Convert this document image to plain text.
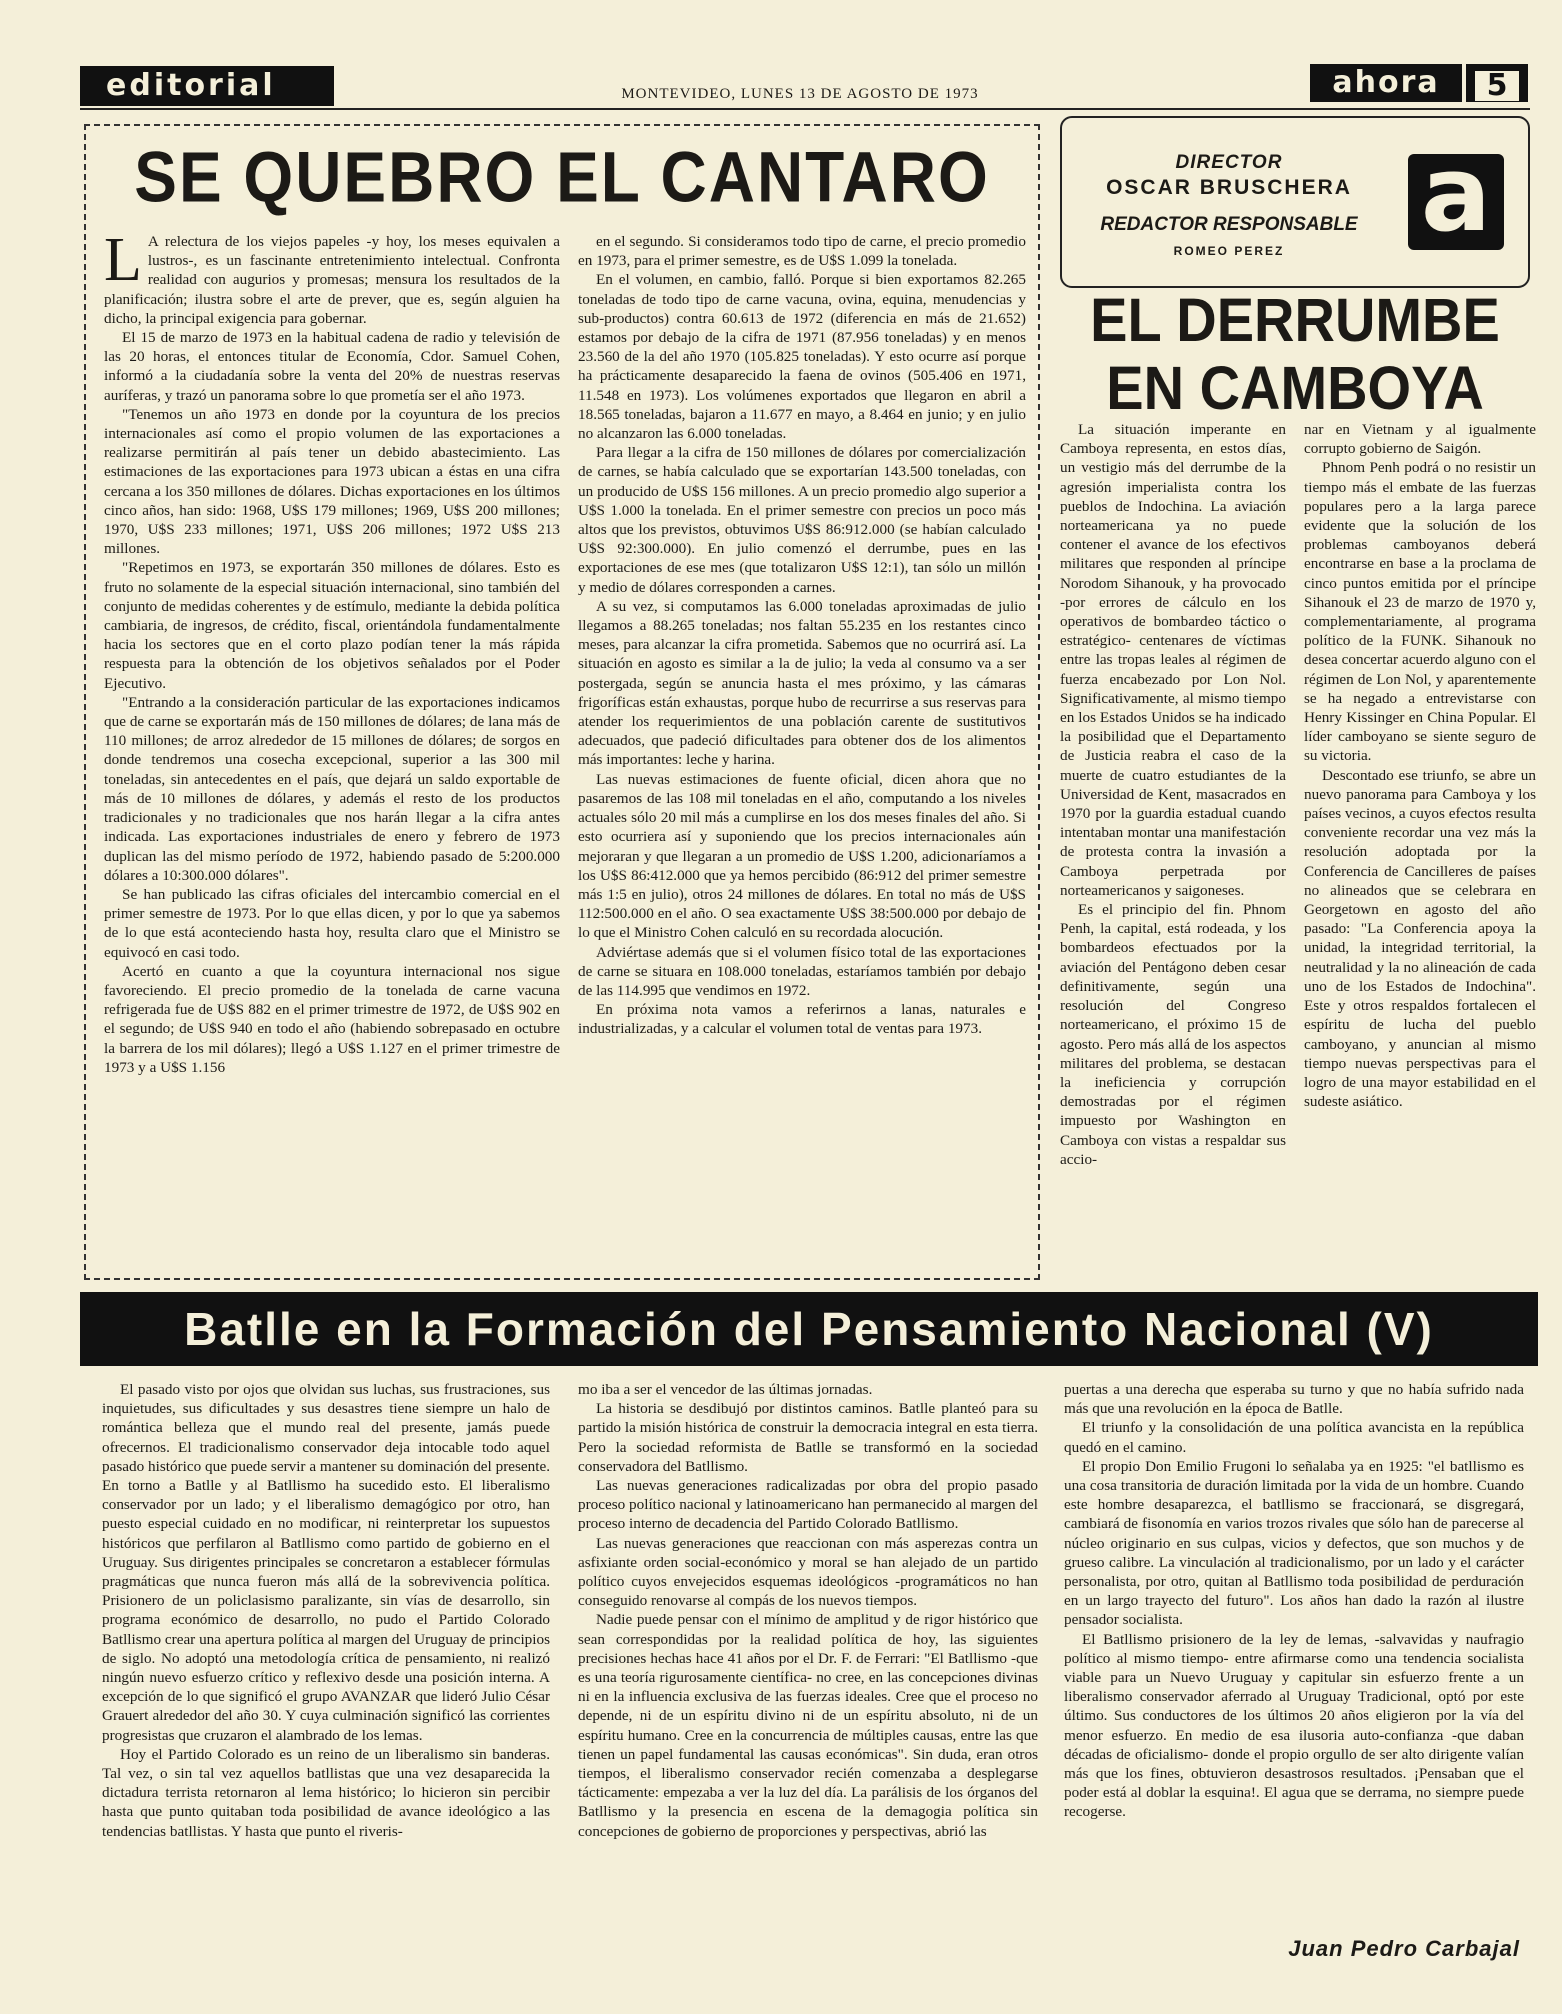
editorial	MONTEVIDEO, LUNES 13 DE AGOSTO DE 1973	ahora	5
SE QUEBRO EL CANTARO
L A relectura de los viejos papeles -y hoy, los meses equivalen a lustros-, es un fascinante entretenimiento intelectual. Confronta realidad con augurios y promesas; mensura los resultados de la planificación; ilustra sobre el arte de prever, que es, según alguien ha dicho, la principal exigencia para gobernar.

El 15 de marzo de 1973 en la habitual cadena de radio y televisión de las 20 horas, el entonces titular de Economía, Cdor. Samuel Cohen, informó a la ciudadanía sobre la venta del 20% de nuestras reservas auríferas, y trazó un panorama sobre lo que prometía ser el año 1973.

"Tenemos un año 1973 en donde por la coyuntura de los precios internacionales así como el propio volumen de las exportaciones a realizarse permitirán al país tener un debido abastecimiento. Las estimaciones de las exportaciones para 1973 ubican a éstas en una cifra cercana a los 350 millones de dólares. Dichas exportaciones en los últimos cinco años, han sido: 1968, U$S 179 millones; 1969, U$S 200 millones; 1970, U$S 233 millones; 1971, U$S 206 millones; 1972 U$S 213 millones.

"Repetimos en 1973, se exportarán 350 millones de dólares. Esto es fruto no solamente de la especial situación internacional, sino también del conjunto de medidas coherentes y de estímulo, mediante la debida política cambiaria, de ingresos, de crédito, fiscal, orientándola fundamentalmente hacia los sectores que en el corto plazo podían tener la más rápida respuesta para la obtención de los objetivos señalados por el Poder Ejecutivo.

"Entrando a la consideración particular de las exportaciones indicamos que de carne se exportarán más de 150 millones de dólares; de lana más de 110 millones; de arroz alrededor de 15 millones de dólares; de sorgos en donde tendremos una cosecha excepcional, superior a las 300 mil toneladas, sin antecedentes en el país, que dejará un saldo exportable de más de 10 millones de dólares, y además el resto de los productos tradicionales y no tradicionales que nos harán llegar a la cifra antes indicada. Las exportaciones industriales de enero y febrero de 1973 duplican las del mismo período de 1972, habiendo pasado de 5:200.000 dólares a 10:300.000 dólares".

Se han publicado las cifras oficiales del intercambio comercial en el primer semestre de 1973. Por lo que ellas dicen, y por lo que ya sabemos de lo que está aconteciendo hasta hoy, resulta claro que el Ministro se equivocó en casi todo.

Acertó en cuanto a que la coyuntura internacional nos sigue favoreciendo. El precio promedio de la tonelada de carne vacuna refrigerada fue de U$S 882 en el primer trimestre de 1972, de U$S 902 en el segundo; de U$S 940 en todo el año (habiendo sobrepasado en octubre la barrera de los mil dólares); llegó a U$S 1.127 en el primer trimestre de 1973 y a U$S 1.156

en el segundo. Si consideramos todo tipo de carne, el precio promedio en 1973, para el primer semestre, es de U$S 1.099 la tonelada.

En el volumen, en cambio, falló. Porque si bien exportamos 82.265 toneladas de todo tipo de carne vacuna, ovina, equina, menudencias y sub-productos) contra 60.613 de 1972 (diferencia en más de 21.652) estamos por debajo de la cifra de 1971 (87.956 toneladas) y en menos 23.560 de la del año 1970 (105.825 toneladas). Y esto ocurre así porque ha prácticamente desaparecido la faena de ovinos (505.406 en 1971, 11.548 en 1973). Los volúmenes exportados que llegaron en abril a 18.565 toneladas, bajaron a 11.677 en mayo, a 8.464 en junio; y en julio no alcanzaron las 6.000 toneladas.

Para llegar a la cifra de 150 millones de dólares por comercialización de carnes, se había calculado que se exportarían 143.500 toneladas, con un producido de U$S 156 millones. A un precio promedio algo superior a U$S 1.000 la tonelada. En el primer semestre con precios un poco más altos que los previstos, obtuvimos U$S 86:912.000 (se habían calculado U$S 92:300.000). En julio comenzó el derrumbe, pues en las exportaciones de ese mes (que totalizaron U$S 12:1), tan sólo un millón y medio de dólares corresponden a carnes.

A su vez, si computamos las 6.000 toneladas aproximadas de julio llegamos a 88.265 toneladas; nos faltan 55.235 en los restantes cinco meses, para alcanzar la cifra prometida. Sabemos que no ocurrirá así. La situación en agosto es similar a la de julio; la veda al consumo va a ser postergada, según se anuncia hasta el mes próximo, y las cámaras frigoríficas están exhaustas, porque hubo de recurrirse a sus reservas para atender los requerimientos de una población carente de sustitutivos adecuados, que padeció dificultades para obtener dos de los alimentos más importantes: leche y harina.

Las nuevas estimaciones de fuente oficial, dicen ahora que no pasaremos de las 108 mil toneladas en el año, computando a los niveles actuales sólo 20 mil más a cumplirse en los dos meses finales del año. Si esto ocurriera así y suponiendo que los precios internacionales aún mejoraran y que llegaran a un promedio de U$S 1.200, adicionaríamos a los U$S 86:412.000 que ya hemos percibido (86:912 del primer semestre más 1:5 en julio), otros 24 millones de dólares. En total no más de U$S 112:500.000 en el año. O sea exactamente U$S 38:500.000 por debajo de lo que el Ministro Cohen calculó en su recordada alocución.

Adviértase además que si el volumen físico total de las exportaciones de carne se situara en 108.000 toneladas, estaríamos también por debajo de las 114.995 que vendimos en 1972.

En próxima nota vamos a referirnos a lanas, naturales e industrializadas, y a calcular el volumen total de ventas para 1973.

DIRECTOR
OSCAR BRUSCHERA
REDACTOR RESPONSABLE
ROMEO PEREZ	a
EL DERRUMBE EN CAMBOYA

La situación imperante en Camboya representa, en estos días, un vestigio más del derrumbe de la agresión imperialista contra los pueblos de Indochina. La aviación norteamericana ya no puede contener el avance de los efectivos militares que responden al príncipe Norodom Sihanouk, y ha provocado -por errores de cálculo en los operativos de bombardeo táctico o estratégico- centenares de víctimas entre las tropas leales al régimen de fuerza encabezado por Lon Nol. Significativamente, al mismo tiempo en los Estados Unidos se ha indicado la posibilidad que el Departamento de Justicia reabra el caso de la muerte de cuatro estudiantes de la Universidad de Kent, masacrados en 1970 por la guardia estadual cuando intentaban montar una manifestación de protesta contra la invasión a Camboya perpetrada por norteamericanos y saigoneses.

Es el principio del fin. Phnom Penh, la capital, está rodeada, y los bombardeos efectuados por la aviación del Pentágono deben cesar definitivamente, según una resolución del Congreso norteamericano, el próximo 15 de agosto. Pero más allá de los aspectos militares del problema, se destacan la ineficiencia y corrupción demostradas por el régimen impuesto por Washington en Camboya con vistas a respaldar sus accio-

nar en Vietnam y al igualmente corrupto gobierno de Saigón.

Phnom Penh podrá o no resistir un tiempo más el embate de las fuerzas populares pero a la larga parece evidente que la solución de los problemas camboyanos deberá encontrarse en base a la proclama de cinco puntos emitida por el príncipe Sihanouk el 23 de marzo de 1970 y, complementariamente, al programa político de la FUNK. Sihanouk no desea concertar acuerdo alguno con el régimen de Lon Nol, y aparentemente se ha negado a entrevistarse con Henry Kissinger en China Popular. El líder camboyano se siente seguro de su victoria.

Descontado ese triunfo, se abre un nuevo panorama para Camboya y los países vecinos, a cuyos efectos resulta conveniente recordar una vez más la resolución adoptada por la Conferencia de Cancilleres de países no alineados que se celebrara en Georgetown en agosto del año pasado: "La Conferencia apoya la unidad, la integridad territorial, la neutralidad y la no alineación de cada uno de los Estados de Indochina". Este y otros respaldos fortalecen el espíritu de lucha del pueblo camboyano, y anuncian al mismo tiempo nuevas perspectivas para el logro de una mayor estabilidad en el sudeste asiático.

Batlle en la Formación del Pensamiento Nacional (V)

El pasado visto por ojos que olvidan sus luchas, sus frustraciones, sus inquietudes, sus dificultades y sus desastres tiene siempre un halo de romántica belleza que el mundo real del presente, jamás puede ofrecernos. El tradicionalismo conservador deja intocable todo aquel pasado histórico que puede servir a mantener su dominación del presente. En torno a Batlle y al Batllismo ha sucedido esto. El liberalismo conservador por un lado; y el liberalismo demagógico por otro, han puesto especial cuidado en no modificar, ni reinterpretar los supuestos históricos que perfilaron al Batllismo como partido de gobierno en el Uruguay. Sus dirigentes principales se concretaron a establecer fórmulas pragmáticas que nunca fueron más allá de la sobrevivencia política. Prisionero de un policlasismo paralizante, sin vías de desarrollo, sin programa económico de desarrollo, no pudo el Partido Colorado Batllismo crear una apertura política al margen del Uruguay de principios de siglo. No adoptó una metodología crítica de pensamiento, ni realizó ningún nuevo esfuerzo crítico y reflexivo desde una posición interna. A excepción de lo que significó el grupo AVANZAR que lideró Julio César Grauert alrededor del año 30. Y cuya culminación significó las corrientes progresistas que cruzaron el alambrado de los lemas.

Hoy el Partido Colorado es un reino de un liberalismo sin banderas. Tal vez, o sin tal vez aquellos batllistas que una vez desaparecida la dictadura terrista retornaron al lema histórico; lo hicieron sin percibir hasta que punto quitaban toda posibilidad de avance ideológico a las tendencias batllistas. Y hasta que punto el riveris-

mo iba a ser el vencedor de las últimas jornadas.

La historia se desdibujó por distintos caminos. Batlle planteó para su partido la misión histórica de construir la democracia integral en esta tierra. Pero la sociedad reformista de Batlle se transformó en la sociedad conservadora del Batllismo.

Las nuevas generaciones radicalizadas por obra del propio pasado proceso político nacional y latinoamericano han permanecido al margen del proceso interno de decadencia del Partido Colorado Batllismo.

Las nuevas generaciones que reaccionan con más asperezas contra un asfixiante orden social-económico y moral se han alejado de un partido político cuyos envejecidos esquemas ideológicos -programáticos no han conseguido renovarse al compás de los nuevos tiempos.

Nadie puede pensar con el mínimo de amplitud y de rigor histórico que sean correspondidas por la realidad política de hoy, las siguientes precisiones hechas hace 41 años por el Dr. F. de Ferrari: "El Batllismo -que es una teoría rigurosamente científica- no cree, en las concepciones divinas ni en la influencia exclusiva de las fuerzas ideales. Cree que el proceso no depende, ni de un espíritu divino ni de un espíritu absoluto, ni de un espíritu humano. Cree en la concurrencia de múltiples causas, entre las que tienen un papel fundamental las causas económicas". Sin duda, eran otros tiempos, el liberalismo conservador recién comenzaba a desplegarse tácticamente: empezaba a ver la luz del día. La parálisis de los órganos del Batllismo y la presencia en escena de la demagogia política sin concepciones de gobierno de proporciones y perspectivas, abrió las

puertas a una derecha que esperaba su turno y que no había sufrido nada más que una revolución en la época de Batlle.

El triunfo y la consolidación de una política avancista en la república quedó en el camino.

El propio Don Emilio Frugoni lo señalaba ya en 1925: "el batllismo es una cosa transitoria de duración limitada por la vida de un hombre. Cuando este hombre desaparezca, el batllismo se fraccionará, se disgregará, cambiará de fisonomía en varios trozos rivales que sólo han de parecerse al núcleo originario en sus culpas, vicios y defectos, que son muchos y de grueso calibre. La vinculación al tradicionalismo, por un lado y el carácter personalista, por otro, quitan al Batllismo toda posibilidad de perduración en un largo trayecto del futuro". Los años han dado la razón al ilustre pensador socialista.

El Batllismo prisionero de la ley de lemas, -salvavidas y naufragio político al mismo tiempo- entre afirmarse como una tendencia socialista viable para un Nuevo Uruguay y capitular sin esfuerzo frente a un liberalismo conservador aferrado al Uruguay Tradicional, optó por este último. Sus conductores de los últimos 20 años eligieron por la vía del menor esfuerzo. En medio de esa ilusoria auto-confianza -que daban décadas de oficialismo- donde el propio orgullo de ser alto dirigente valían más que los fines, obtuvieron desastrosos resultados. ¡Pensaban que el poder está al doblar la esquina!. El agua que se derrama, no siempre puede recogerse.

Juan Pedro Carbajal
